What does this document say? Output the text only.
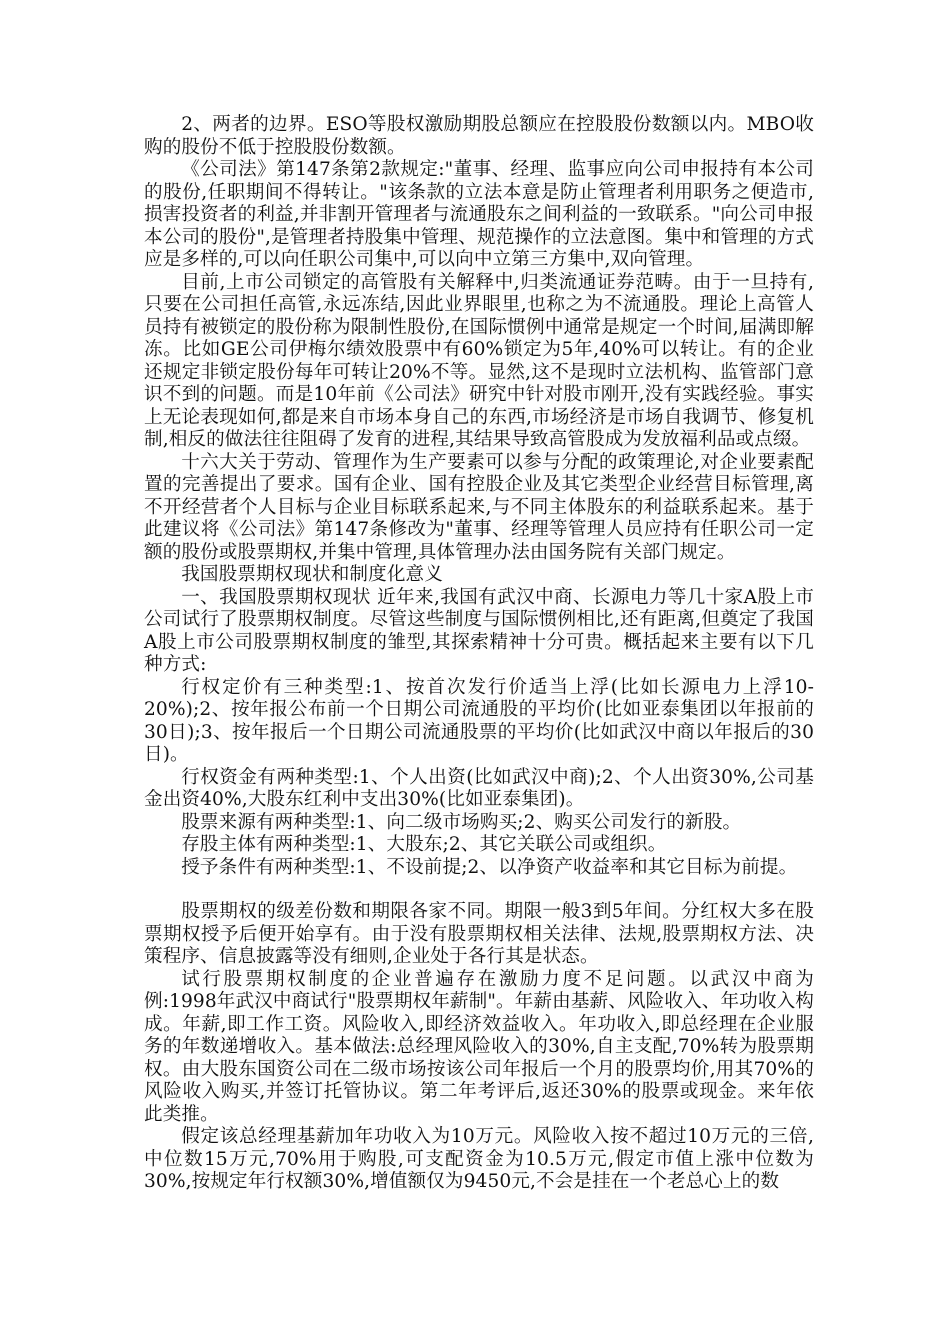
2、两者的边界。ESO等股权激励期股总额应在控股股份数额以内。MBO收购的股份不低于控股股份数额。

《公司法》第147条第2款规定:"董事、经理、监事应向公司申报持有本公司的股份,任职期间不得转让。"该条款的立法本意是防止管理者利用职务之便造市,损害投资者的利益,并非割开管理者与流通股东之间利益的一致联系。"向公司申报本公司的股份",是管理者持股集中管理、规范操作的立法意图。集中和管理的方式应是多样的,可以向任职公司集中,可以向中立第三方集中,双向管理。

目前,上市公司锁定的高管股有关解释中,归类流通证券范畴。由于一旦持有,只要在公司担任高管,永远冻结,因此业界眼里,也称之为不流通股。理论上高管人员持有被锁定的股份称为限制性股份,在国际惯例中通常是规定一个时间,届满即解冻。比如GE公司伊梅尔绩效股票中有60%锁定为5年,40%可以转让。有的企业还规定非锁定股份每年可转让20%不等。显然,这不是现时立法机构、监管部门意识不到的问题。而是10年前《公司法》研究中针对股市刚开,没有实践经验。事实上无论表现如何,都是来自市场本身自己的东西,市场经济是市场自我调节、修复机制,相反的做法往往阻碍了发育的进程,其结果导致高管股成为发放福利品或点缀。

十六大关于劳动、管理作为生产要素可以参与分配的政策理论,对企业要素配置的完善提出了要求。国有企业、国有控股企业及其它类型企业经营目标管理,离不开经营者个人目标与企业目标联系起来,与不同主体股东的利益联系起来。基于此建议将《公司法》第147条修改为"董事、经理等管理人员应持有任职公司一定额的股份或股票期权,并集中管理,具体管理办法由国务院有关部门规定。

我国股票期权现状和制度化意义

一、我国股票期权现状 近年来,我国有武汉中商、长源电力等几十家A股上市公司试行了股票期权制度。尽管这些制度与国际惯例相比,还有距离,但奠定了我国A股上市公司股票期权制度的雏型,其探索精神十分可贵。概括起来主要有以下几种方式:

行权定价有三种类型:1、按首次发行价适当上浮(比如长源电力上浮10-20%);2、按年报公布前一个日期公司流通股的平均价(比如亚泰集团以年报前的30日);3、按年报后一个日期公司流通股票的平均价(比如武汉中商以年报后的30日)。

行权资金有两种类型:1、个人出资(比如武汉中商);2、个人出资30%,公司基金出资40%,大股东红利中支出30%(比如亚泰集团)。

股票来源有两种类型:1、向二级市场购买;2、购买公司发行的新股。

存股主体有两种类型:1、大股东;2、其它关联公司或组织。

授予条件有两种类型:1、不设前提;2、以净资产收益率和其它目标为前提。

股票期权的级差份数和期限各家不同。期限一般3到5年间。分红权大多在股票期权授予后便开始享有。由于没有股票期权相关法律、法规,股票期权方法、决策程序、信息披露等没有细则,企业处于各行其是状态。

试行股票期权制度的企业普遍存在激励力度不足问题。以武汉中商为例:1998年武汉中商试行"股票期权年薪制"。年薪由基薪、风险收入、年功收入构成。年薪,即工作工资。风险收入,即经济效益收入。年功收入,即总经理在企业服务的年数递增收入。基本做法:总经理风险收入的30%,自主支配,70%转为股票期权。由大股东国资公司在二级市场按该公司年报后一个月的股票均价,用其70%的风险收入购买,并签订托管协议。第二年考评后,返还30%的股票或现金。来年依此类推。

假定该总经理基薪加年功收入为10万元。风险收入按不超过10万元的三倍,中位数15万元,70%用于购股,可支配资金为10.5万元,假定市值上涨中位数为30%,按规定年行权额30%,增值额仅为9450元,不会是挂在一个老总心上的数
